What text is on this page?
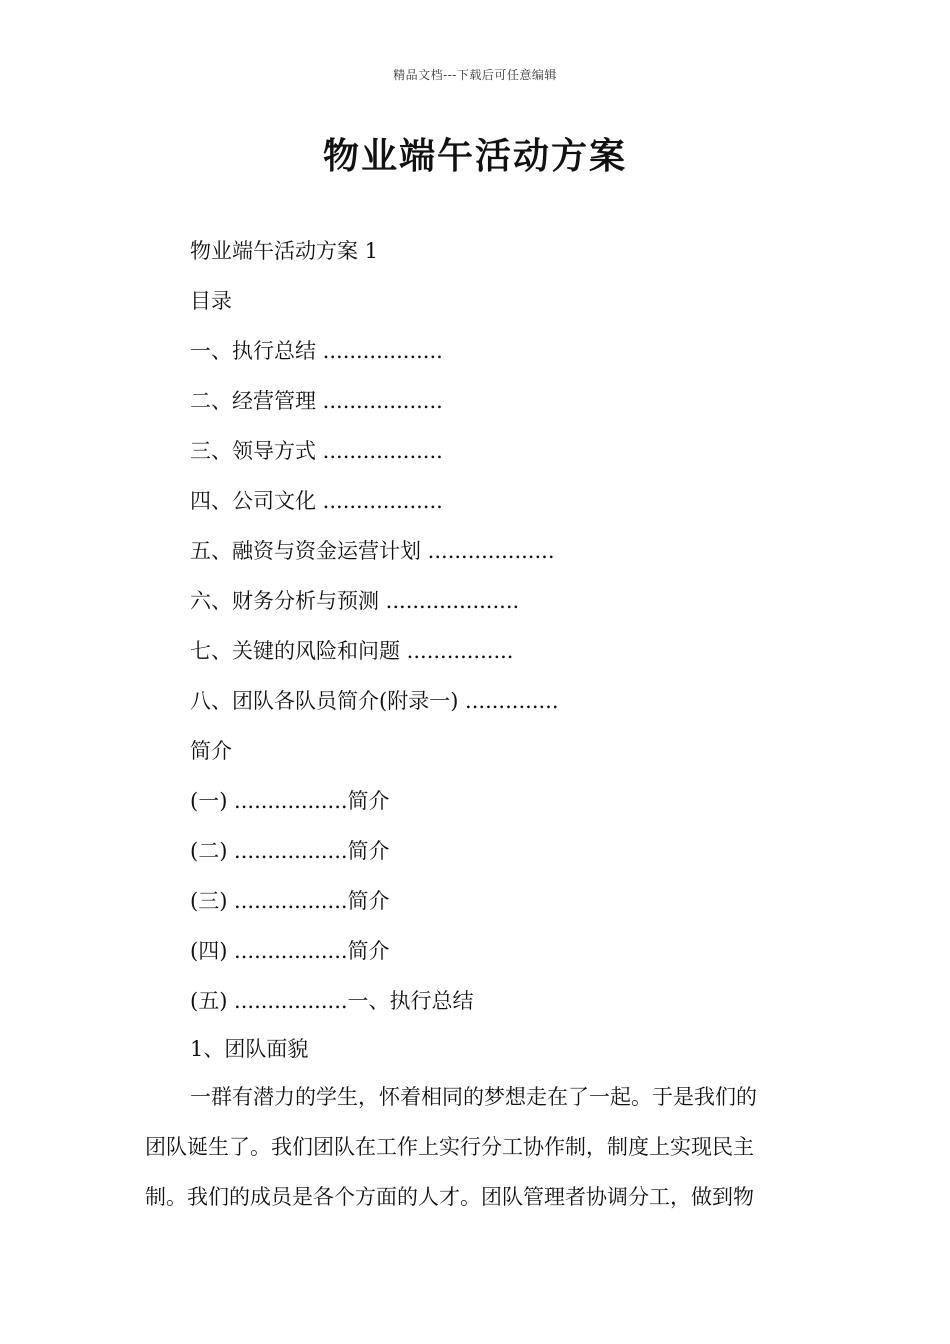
精品文档---下载后可任意编辑
物业端午活动方案
物业端午活动方案 1
目录
一、执行总结 ..................
二、经营管理 ..................
三、领导方式 ..................
四、公司文化 ..................
五、融资与资金运营计划 ...................
六、财务分析与预测 ....................
七、关键的风险和问题 ................
八、团队各队员简介(附录一) ..............
简介
(一) .................简介
(二) .................简介
(三) .................简介
(四) .................简介
(五) .................一、执行总结
1、团队面貌

一群有潜力的学生，怀着相同的梦想走在了一起。于是我们的

团队诞生了。我们团队在工作上实行分工协作制，制度上实现民主

制。我们的成员是各个方面的人才。团队管理者协调分工，做到物
